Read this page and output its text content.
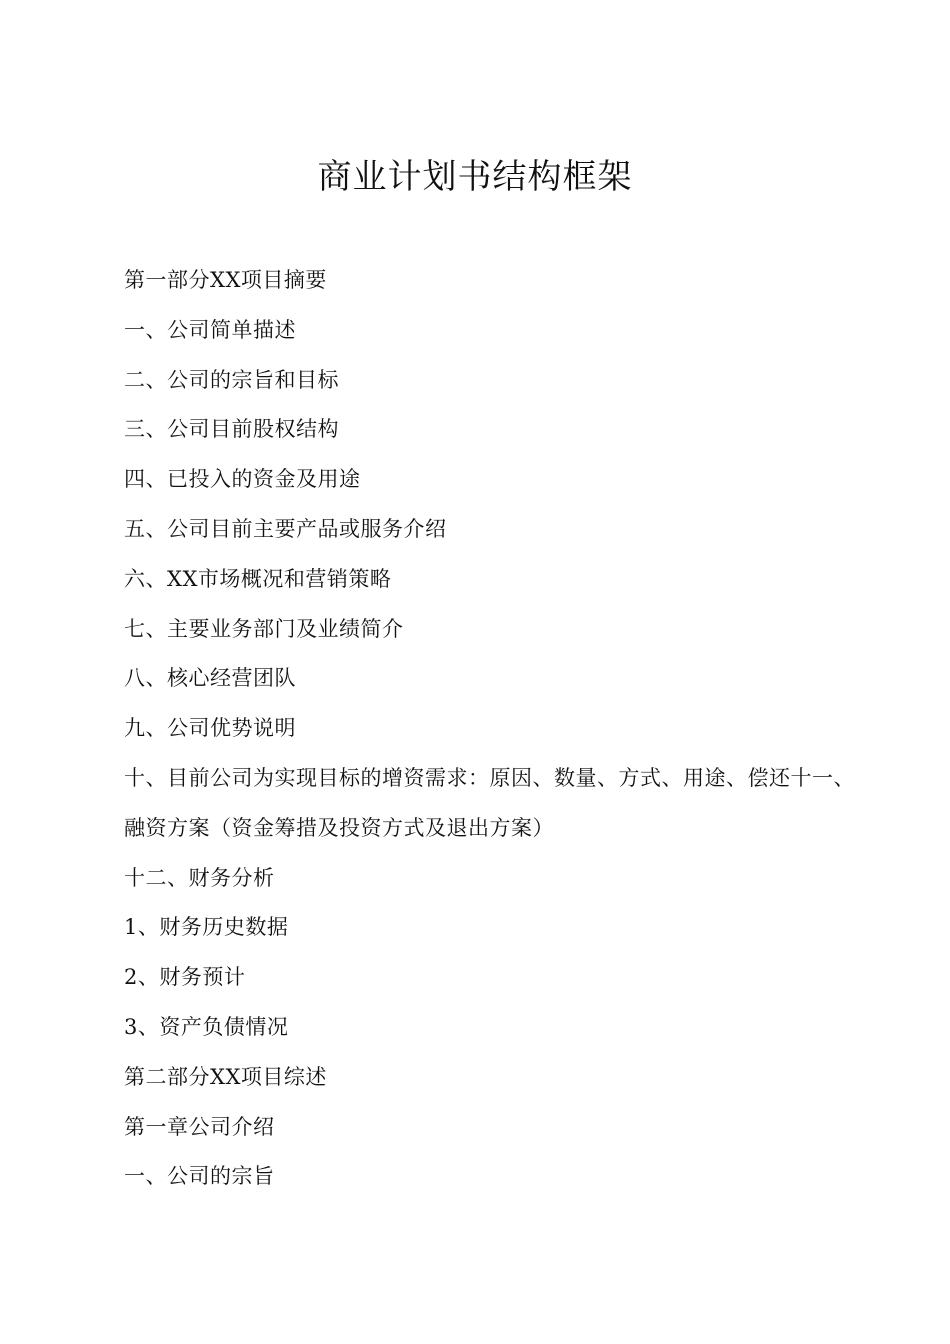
商业计划书结构框架
第一部分XX项目摘要
一、公司简单描述
二、公司的宗旨和目标
三、公司目前股权结构
四、已投入的资金及用途
五、公司目前主要产品或服务介绍
六、XX市场概况和营销策略
七、主要业务部门及业绩简介
八、核心经营团队
九、公司优势说明
十、目前公司为实现目标的增资需求：原因、数量、方式、用途、偿还十一、
融资方案（资金筹措及投资方式及退出方案）
十二、财务分析
1、财务历史数据
2、财务预计
3、资产负债情况
第二部分XX项目综述
第一章公司介绍
一、公司的宗旨
